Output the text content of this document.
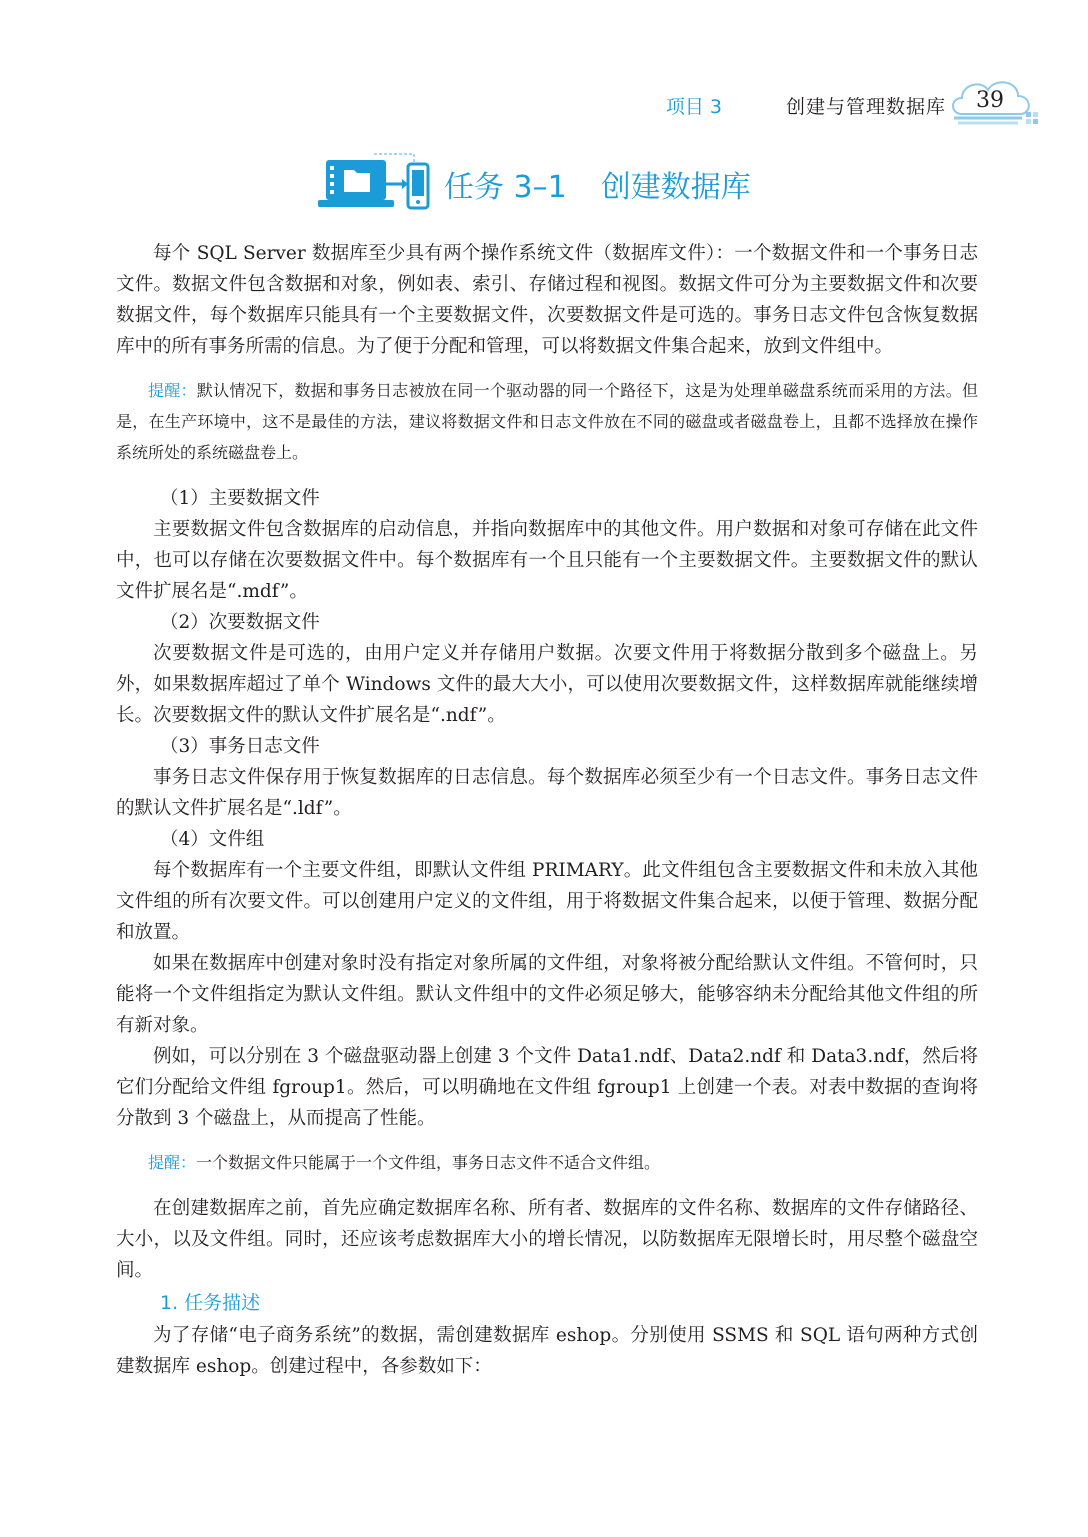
项目 3	创建与管理数据库 39
任务 3–1 创建数据库

每个 SQL Server 数据库至少具有两个操作系统文件（数据库文件）：一个数据文件和一个事务日志文件。数据文件包含数据和对象，例如表、索引、存储过程和视图。数据文件可分为主要数据文件和次要数据文件，每个数据库只能具有一个主要数据文件，次要数据文件是可选的。事务日志文件包含恢复数据库中的所有事务所需的信息。为了便于分配和管理，可以将数据文件集合起来，放到文件组中。

提醒：默认情况下，数据和事务日志被放在同一个驱动器的同一个路径下，这是为处理单磁盘系统而采用的方法。但是，在生产环境中，这不是最佳的方法，建议将数据文件和日志文件放在不同的磁盘或者磁盘卷上，且都不选择放在操作系统所处的系统磁盘卷上。

（1）主要数据文件

主要数据文件包含数据库的启动信息，并指向数据库中的其他文件。用户数据和对象可存储在此文件中，也可以存储在次要数据文件中。每个数据库有一个且只能有一个主要数据文件。主要数据文件的默认文件扩展名是“.mdf”。

（2）次要数据文件

次要数据文件是可选的，由用户定义并存储用户数据。次要文件用于将数据分散到多个磁盘上。另外，如果数据库超过了单个 Windows 文件的最大大小，可以使用次要数据文件，这样数据库就能继续增长。次要数据文件的默认文件扩展名是“.ndf”。

（3）事务日志文件

事务日志文件保存用于恢复数据库的日志信息。每个数据库必须至少有一个日志文件。事务日志文件的默认文件扩展名是“.ldf”。

（4）文件组

每个数据库有一个主要文件组，即默认文件组 PRIMARY。此文件组包含主要数据文件和未放入其他文件组的所有次要文件。可以创建用户定义的文件组，用于将数据文件集合起来，以便于管理、数据分配和放置。

如果在数据库中创建对象时没有指定对象所属的文件组，对象将被分配给默认文件组。不管何时，只能将一个文件组指定为默认文件组。默认文件组中的文件必须足够大，能够容纳未分配给其他文件组的所有新对象。

例如，可以分别在 3 个磁盘驱动器上创建 3 个文件 Data1.ndf、Data2.ndf 和 Data3.ndf，然后将它们分配给文件组 fgroup1。然后，可以明确地在文件组 fgroup1 上创建一个表。对表中数据的查询将分散到 3 个磁盘上，从而提高了性能。

提醒：一个数据文件只能属于一个文件组，事务日志文件不适合文件组。

在创建数据库之前，首先应确定数据库名称、所有者、数据库的文件名称、数据库的文件存储路径、大小，以及文件组。同时，还应该考虑数据库大小的增长情况，以防数据库无限增长时，用尽整个磁盘空间。

1. 任务描述

为了存储“电子商务系统”的数据，需创建数据库 eshop。分别使用 SSMS 和 SQL 语句两种方式创建数据库 eshop。创建过程中，各参数如下：
